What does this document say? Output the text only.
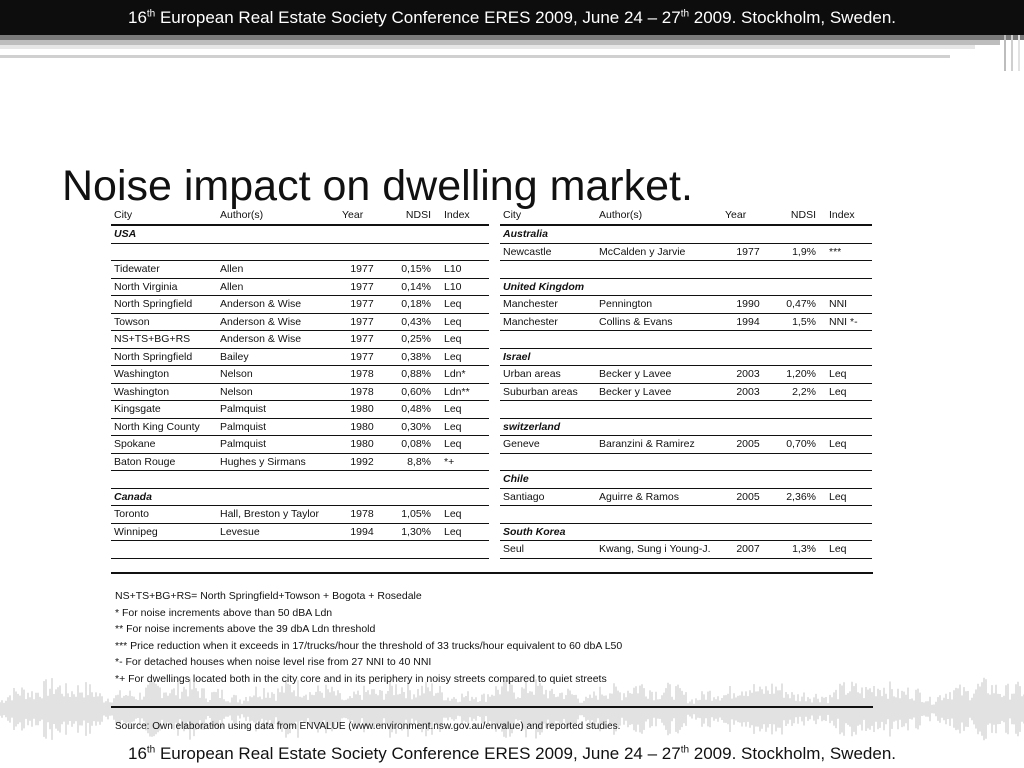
16th European Real Estate Society Conference ERES 2009, June 24 – 27th 2009. Stockholm, Sweden.
Noise impact on dwelling market.
City	Author(s)	Year	NDSI	Index
USA				

Tidewater	Allen	1977	0,15%	L10
North Virginia	Allen	1977	0,14%	L10
North Springfield	Anderson & Wise	1977	0,18%	Leq
Towson	Anderson & Wise	1977	0,43%	Leq
NS+TS+BG+RS	Anderson & Wise	1977	0,25%	Leq
North Springfield	Bailey	1977	0,38%	Leq
Washington	Nelson	1978	0,88%	Ldn*
Washington	Nelson	1978	0,60%	Ldn**
Kingsgate	Palmquist	1980	0,48%	Leq
North King County	Palmquist	1980	0,30%	Leq
Spokane	Palmquist	1980	0,08%	Leq
Baton Rouge	Hughes y Sirmans	1992	8,8%	*+

Canada				
Toronto	Hall, Breston y Taylor	1978	1,05%	Leq
Winnipeg	Levesue	1994	1,30%	Leq

City	Author(s)	Year	NDSI	Index
Australia				
Newcastle	McCalden y Jarvie	1977	1,9%	***

United Kingdom				
Manchester	Pennington	1990	0,47%	NNI
Manchester	Collins & Evans	1994	1,5%	NNI *-

Israel				
Urban areas	Becker y Lavee	2003	1,20%	Leq
Suburban areas	Becker y Lavee	2003	2,2%	Leq

switzerland				
Geneve	Baranzini & Ramirez	2005	0,70%	Leq

Chile				
Santiago	Aguirre & Ramos	2005	2,36%	Leq

South Korea				
Seul	Kwang, Sung i Young-J.	2007	1,3%	Leq
NS+TS+BG+RS= North Springfield+Towson + Bogota + Rosedale
* For noise increments above than 50 dBA Ldn
** For noise increments above the 39 dbA Ldn threshold
*** Price reduction when it exceeds in 17/trucks/hour the threshold of 33 trucks/hour equivalent to 60 dbA L50
*- For detached houses when noise level rise from 27 NNI to 40 NNI
*+ For dwellings located both in the city core and in its periphery in noisy streets compared to quiet streets
Source: Own elaboration using data from ENVALUE (www.environment.nsw.gov.au/envalue) and reported studies.
16th European Real Estate Society Conference ERES 2009, June 24 – 27th 2009. Stockholm, Sweden.
